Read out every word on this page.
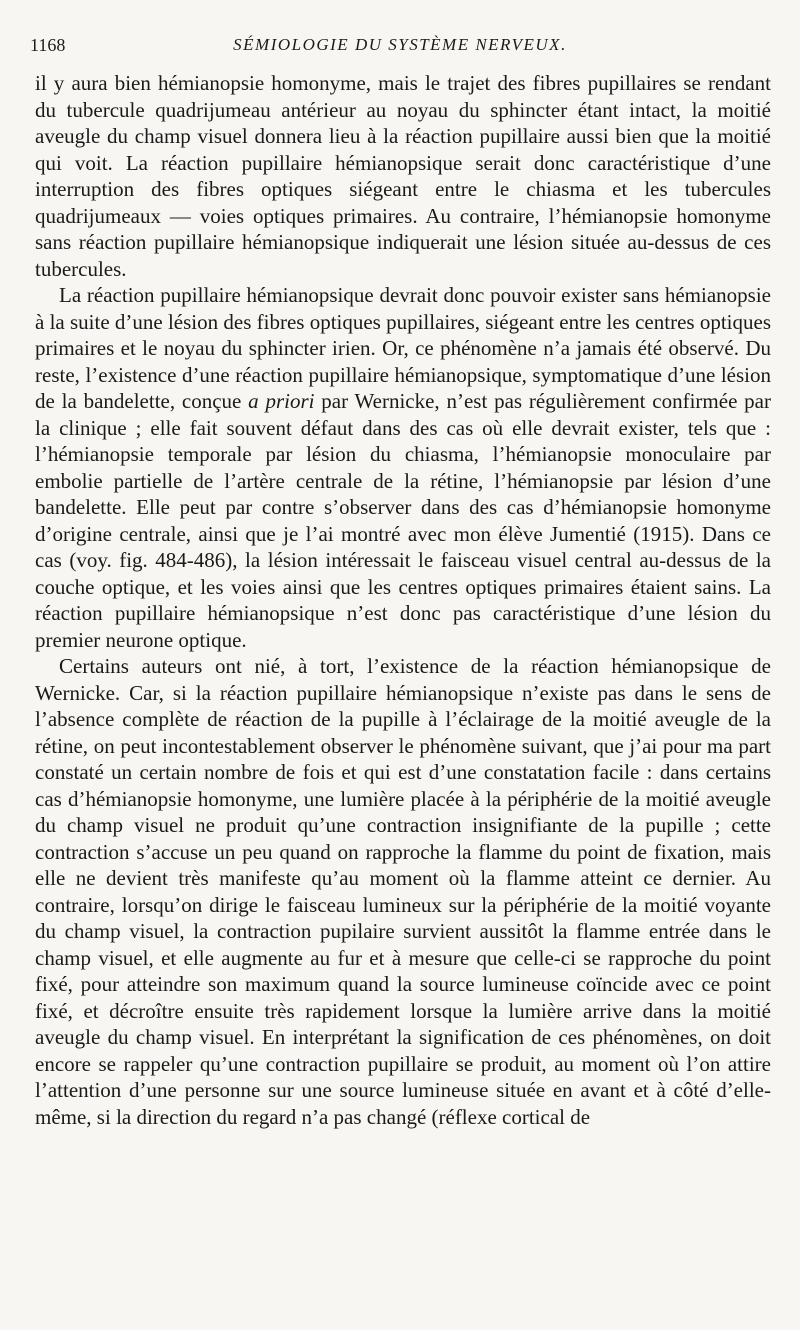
1168	SÉMIOLOGIE DU SYSTÈME NERVEUX.

il y aura bien hémianopsie homonyme, mais le trajet des fibres pupillaires se rendant du tubercule quadrijumeau antérieur au noyau du sphincter étant intact, la moitié aveugle du champ visuel donnera lieu à la réaction pupillaire aussi bien que la moitié qui voit. La réaction pupillaire hémianopsique serait donc caractéristique d’une interruption des fibres optiques siégeant entre le chiasma et les tubercules quadrijumeaux — voies optiques primaires. Au contraire, l’hémianopsie homonyme sans réaction pupillaire hémianopsique indiquerait une lésion située au-dessus de ces tubercules.

La réaction pupillaire hémianopsique devrait donc pouvoir exister sans hémianopsie à la suite d’une lésion des fibres optiques pupillaires, siégeant entre les centres optiques primaires et le noyau du sphincter irien. Or, ce phénomène n’a jamais été observé. Du reste, l’existence d’une réaction pupillaire hémianopsique, symptomatique d’une lésion de la bandelette, conçue a priori par Wernicke, n’est pas régulièrement confirmée par la clinique ; elle fait souvent défaut dans des cas où elle devrait exister, tels que : l’hémianopsie temporale par lésion du chiasma, l’hémianopsie monoculaire par embolie partielle de l’artère centrale de la rétine, l’hémianopsie par lésion d’une bandelette. Elle peut par contre s’observer dans des cas d’hémianopsie homonyme d’origine centrale, ainsi que je l’ai montré avec mon élève Jumentié (1915). Dans ce cas (voy. fig. 484-486), la lésion intéressait le faisceau visuel central au-dessus de la couche optique, et les voies ainsi que les centres optiques primaires étaient sains. La réaction pupillaire hémianopsique n’est donc pas caractéristique d’une lésion du premier neurone optique.

Certains auteurs ont nié, à tort, l’existence de la réaction hémianopsique de Wernicke. Car, si la réaction pupillaire hémianopsique n’existe pas dans le sens de l’absence complète de réaction de la pupille à l’éclairage de la moitié aveugle de la rétine, on peut incontestablement observer le phénomène suivant, que j’ai pour ma part constaté un certain nombre de fois et qui est d’une constatation facile : dans certains cas d’hémianopsie homonyme, une lumière placée à la périphérie de la moitié aveugle du champ visuel ne produit qu’une contraction insignifiante de la pupille ; cette contraction s’accuse un peu quand on rapproche la flamme du point de fixation, mais elle ne devient très manifeste qu’au moment où la flamme atteint ce dernier. Au contraire, lorsqu’on dirige le faisceau lumineux sur la périphérie de la moitié voyante du champ visuel, la contraction pupilaire survient aussitôt la flamme entrée dans le champ visuel, et elle augmente au fur et à mesure que celle-ci se rapproche du point fixé, pour atteindre son maximum quand la source lumineuse coïncide avec ce point fixé, et décroître ensuite très rapidement lorsque la lumière arrive dans la moitié aveugle du champ visuel. En interprétant la signification de ces phénomènes, on doit encore se rappeler qu’une contraction pupillaire se produit, au moment où l’on attire l’attention d’une personne sur une source lumineuse située en avant et à côté d’elle-même, si la direction du regard n’a pas changé (réflexe cortical de
